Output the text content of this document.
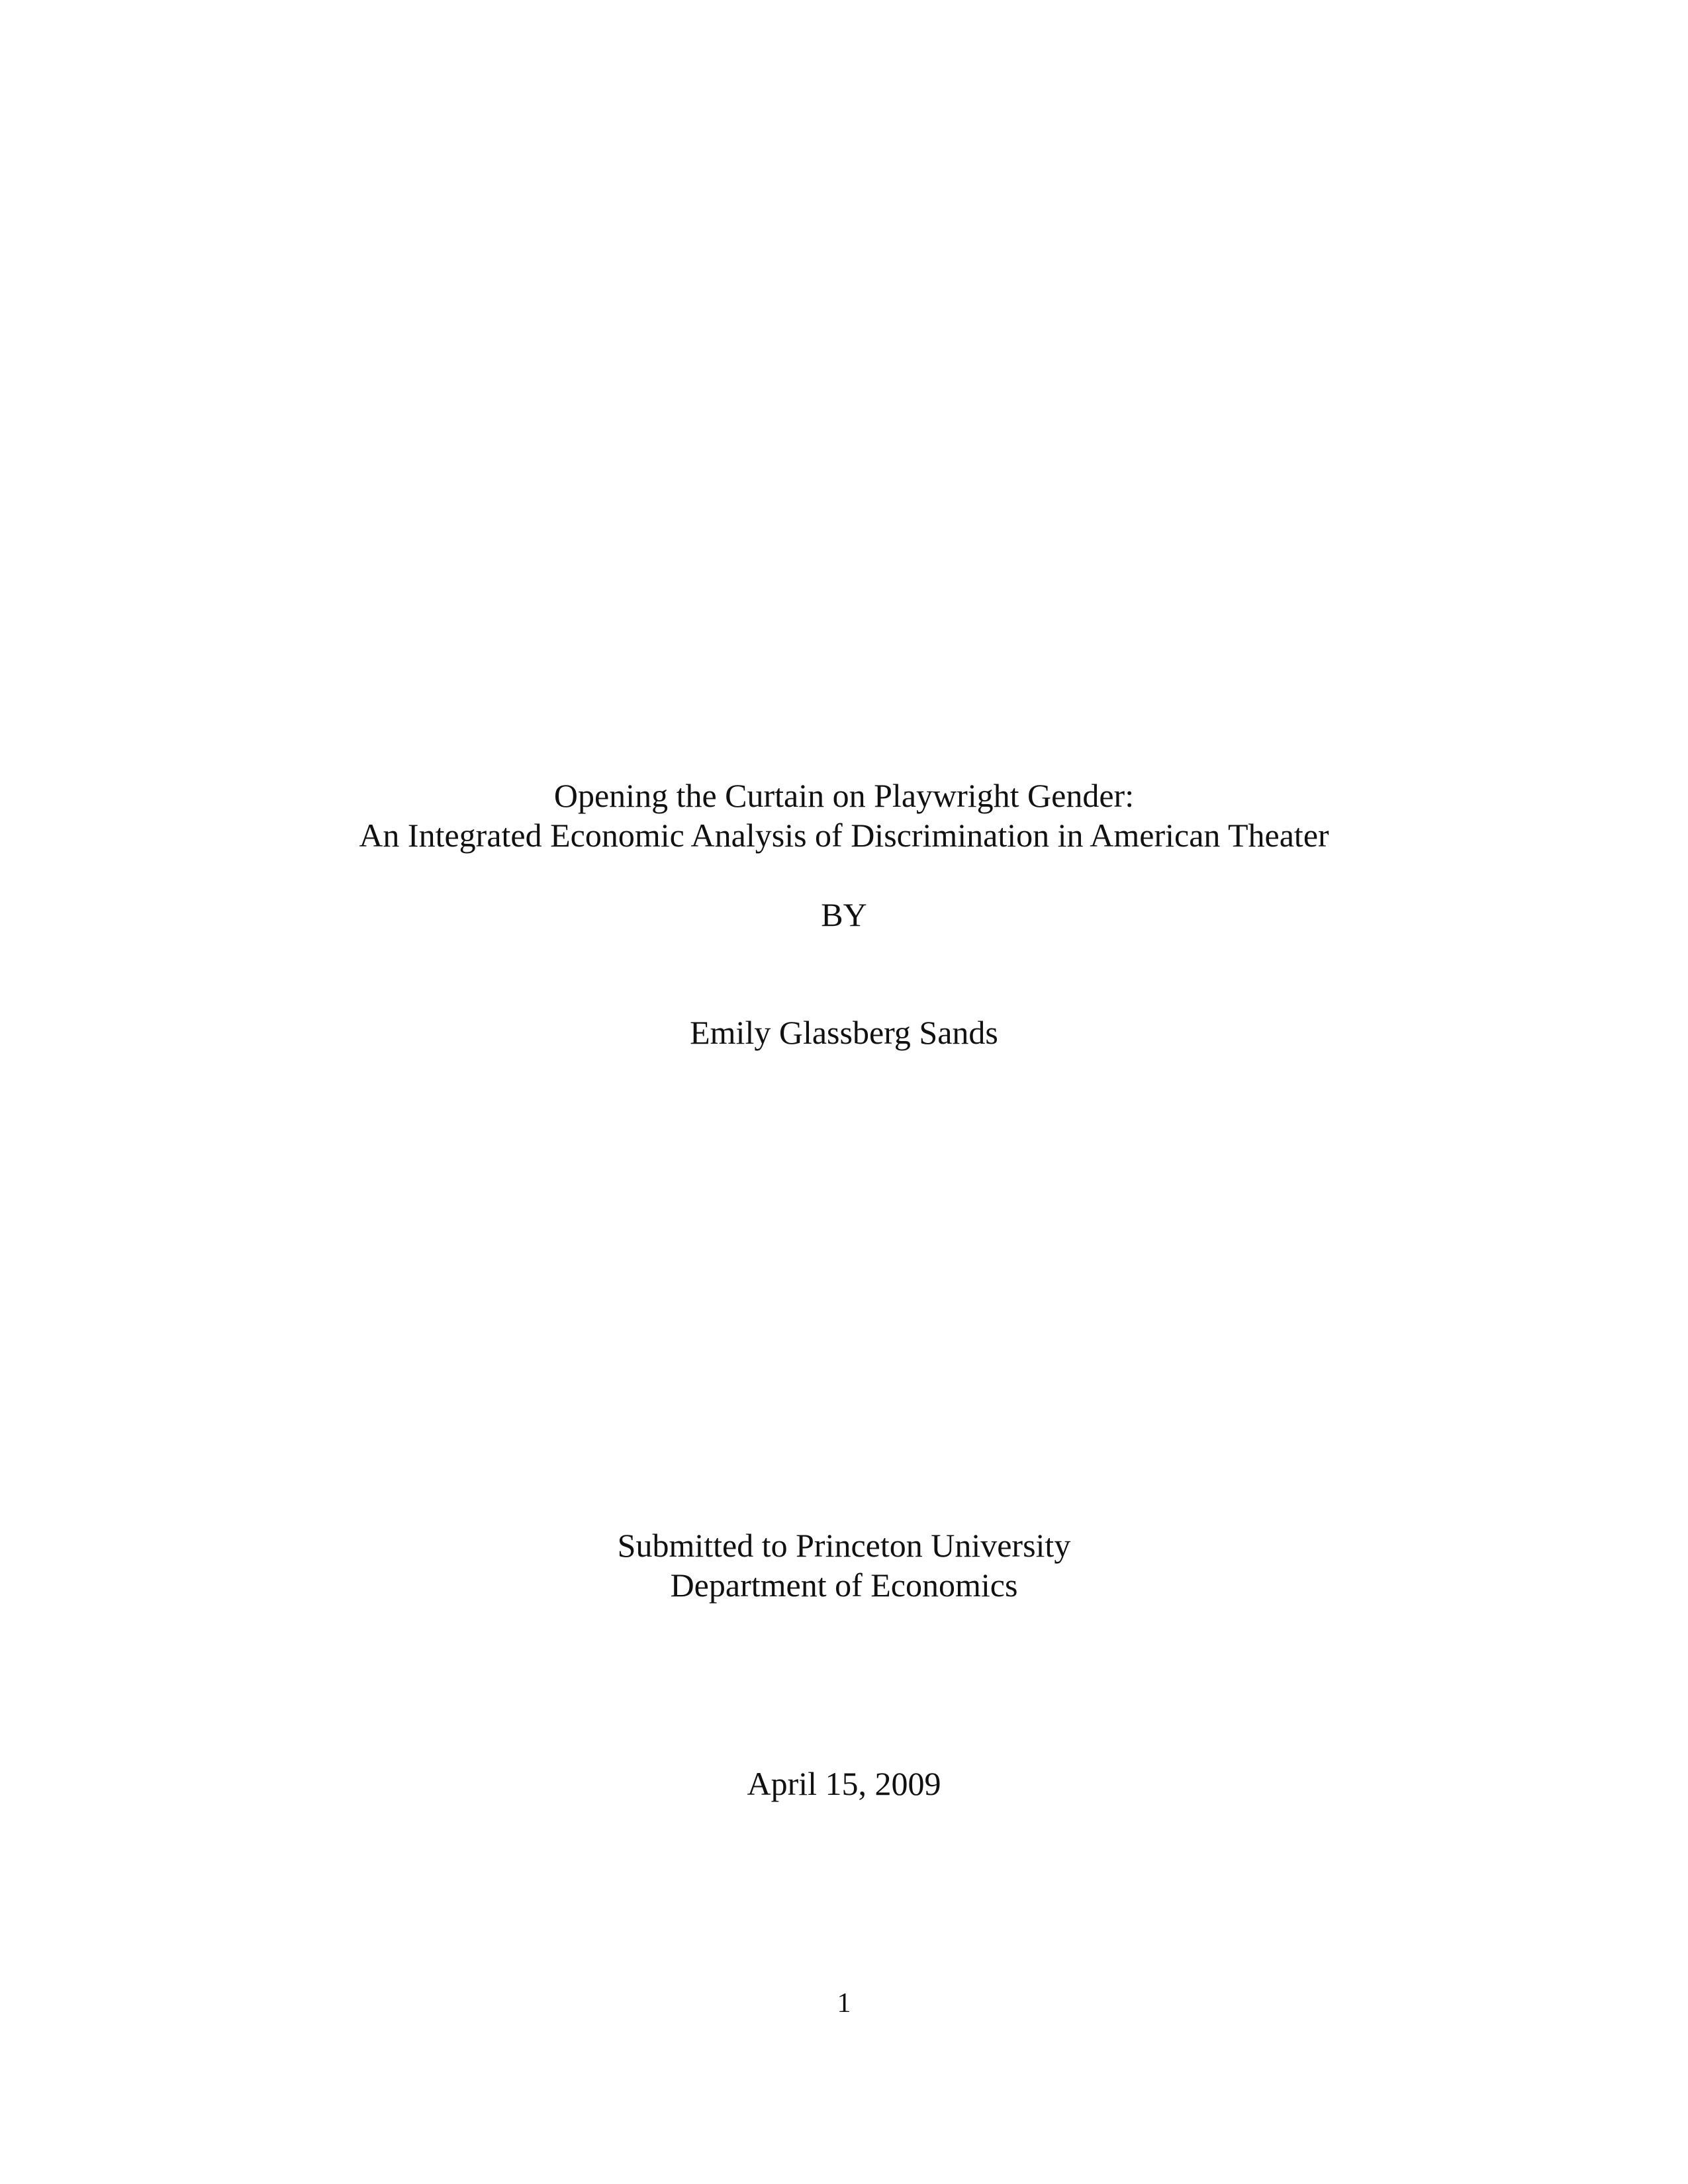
Opening the Curtain on Playwright Gender:
An Integrated Economic Analysis of Discrimination in American Theater
BY
Emily Glassberg Sands
Submitted to Princeton University
Department of Economics
April 15, 2009
1
